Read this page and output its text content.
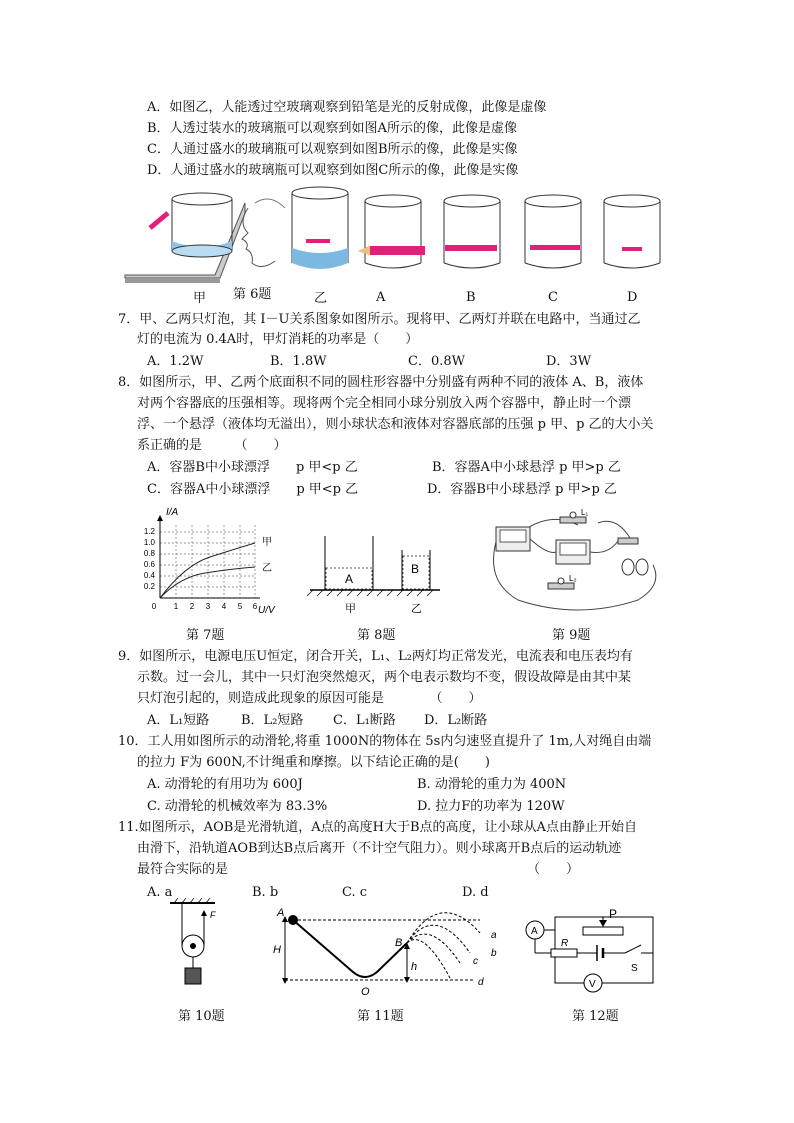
A．如图乙，人能透过空玻璃观察到铅笔是光的反射成像，此像是虚像
B．人透过装水的玻璃瓶可以观察到如图A所示的像，此像是虚像
C．人通过盛水的玻璃瓶可以观察到如图B所示的像，此像是实像
D．人通过盛水的玻璃瓶可以观察到如图C所示的像，此像是实像
甲 第 6题	乙	A	B	C	D
7．甲、乙两只灯泡，其 I－U关系图象如图所示。现将甲、乙两灯并联在电路中，当通过乙
灯的电流为 0.4A时，甲灯消耗的功率是（　　）
A．1.2W	B．1.8W	C．0.8W	D．3W
8．如图所示，甲、乙两个底面积不同的圆柱形容器中分别盛有两种不同的液体 A、B，液体
对两个容器底的压强相等。现将两个完全相同小球分别放入两个容器中，静止时一个漂
浮、一个悬浮（液体均无溢出），则小球状态和液体对容器底部的压强 p 甲、p 乙的大小关
系正确的是　　　（　　）
A．容器B中小球漂浮　　p 甲<p 乙	B．容器A中小球悬浮 p 甲>p 乙
C．容器A中小球漂浮　　p 甲<p 乙	D．容器B中小球悬浮 p 甲>p 乙
I/A
U/V
1.2
1.0
0.8
0.6
0.4
0.2
0 1 2 3 4 5 6
甲
乙
第 7题
A
B
甲	乙
第 8题
L₁
L₂
第 9题
9．如图所示，电源电压U恒定，闭合开关，L₁、L₂两灯均正常发光，电流表和电压表均有
示数。过一会儿，其中一只灯泡突然熄灭，两个电表示数均不变，假设故障是由其中某
只灯泡引起的，则造成此现象的原因可能是　　　　（　　）
A．L₁短路 B．L₂短路 C．L₁断路 D．L₂断路
10．工人用如图所示的动滑轮,将重 1000N的物体在 5s内匀速竖直提升了 1m,人对绳自由端
的拉力 F为 600N,不计绳重和摩擦。以下结论正确的是(　　)
A. 动滑轮的有用功为 600J	B. 动滑轮的重力为 400N
C. 动滑轮的机械效率为 83.3%	D. 拉力F的功率为 120W
11.如图所示，AOB是光滑轨道，A点的高度H大于B点的高度，让小球从A点由静止开始自
由滑下，沿轨道AOB到达B点后离开（不计空气阻力）。则小球离开B点后的运动轨迹
最符合实际的是	（　　）
A. a	B. b	C. c	D. d
F
第 10题
A
H
O
B
h
a
b
c
d
第 11题
A
P
R
S
V
第 12题
